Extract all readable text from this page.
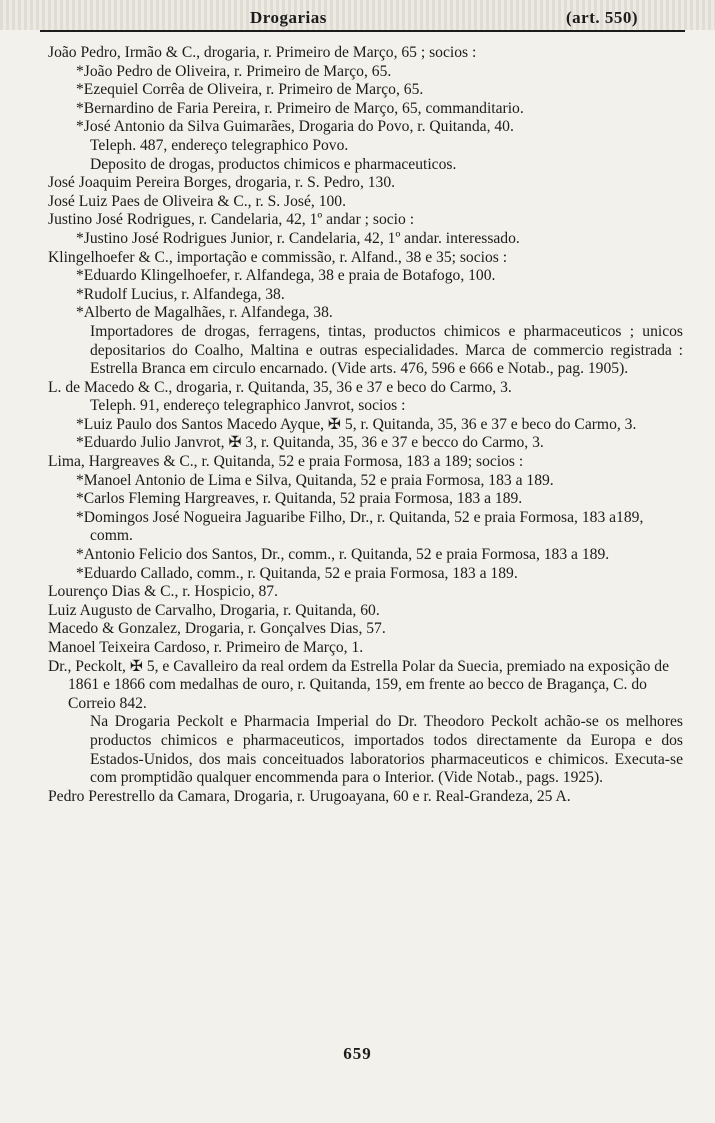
Drogarias	(art. 550)

João Pedro, Irmão & C., drogaria, r. Primeiro de Março, 65 ; socios :

*João Pedro de Oliveira, r. Primeiro de Março, 65.

*Ezequiel Corrêa de Oliveira, r. Primeiro de Março, 65.

*Bernardino de Faria Pereira, r. Primeiro de Março, 65, commanditario.

*José Antonio da Silva Guimarães, Drogaria do Povo, r. Quitanda, 40.

Teleph. 487, endereço telegraphico Povo.

Deposito de drogas, productos chimicos e pharmaceuticos.

José Joaquim Pereira Borges, drogaria, r. S. Pedro, 130.

José Luiz Paes de Oliveira & C., r. S. José, 100.

Justino José Rodrigues, r. Candelaria, 42, 1º andar ; socio :

*Justino José Rodrigues Junior, r. Candelaria, 42, 1º andar. interessado.

Klingelhoefer & C., importação e commissão, r. Alfand., 38 e 35; socios :

*Eduardo Klingelhoefer, r. Alfandega, 38 e praia de Botafogo, 100.

*Rudolf Lucius, r. Alfandega, 38.

*Alberto de Magalhães, r. Alfandega, 38.

Importadores de drogas, ferragens, tintas, productos chimicos e pharmaceuticos ; unicos depositarios do Coalho, Maltina e outras especialidades. Marca de commercio registrada : Estrella Branca em circulo encarnado. (Vide arts. 476, 596 e 666 e Notab., pag. 1905).

L. de Macedo & C., drogaria, r. Quitanda, 35, 36 e 37 e beco do Carmo, 3.

Teleph. 91, endereço telegraphico Janvrot, socios :

*Luiz Paulo dos Santos Macedo Ayque, ✠ 5, r. Quitanda, 35, 36 e 37 e beco do Carmo, 3.

*Eduardo Julio Janvrot, ✠ 3, r. Quitanda, 35, 36 e 37 e becco do Carmo, 3.

Lima, Hargreaves & C., r. Quitanda, 52 e praia Formosa, 183 a 189; socios :

*Manoel Antonio de Lima e Silva, Quitanda, 52 e praia Formosa, 183 a 189.

*Carlos Fleming Hargreaves, r. Quitanda, 52 praia Formosa, 183 a 189.

*Domingos José Nogueira Jaguaribe Filho, Dr., r. Quitanda, 52 e praia Formosa, 183 a189, comm.

*Antonio Felicio dos Santos, Dr., comm., r. Quitanda, 52 e praia Formosa, 183 a 189.

*Eduardo Callado, comm., r. Quitanda, 52 e praia Formosa, 183 a 189.

Lourenço Dias & C., r. Hospicio, 87.

Luiz Augusto de Carvalho, Drogaria, r. Quitanda, 60.

Macedo & Gonzalez, Drogaria, r. Gonçalves Dias, 57.

Manoel Teixeira Cardoso, r. Primeiro de Março, 1.

Dr., Peckolt, ✠ 5, e Cavalleiro da real ordem da Estrella Polar da Suecia, premiado na exposição de 1861 e 1866 com medalhas de ouro, r. Quitanda, 159, em frente ao becco de Bragança, C. do Correio 842.

Na Drogaria Peckolt e Pharmacia Imperial do Dr. Theodoro Peckolt achão-se os melhores productos chimicos e pharmaceuticos, importados todos directamente da Europa e dos Estados-Unidos, dos mais conceituados laboratorios pharmaceuticos e chimicos. Executa-se com promptidão qualquer encommenda para o Interior. (Vide Notab., pags. 1925).

Pedro Perestrello da Camara, Drogaria, r. Urugoayana, 60 e r. Real-Grandeza, 25 A.

659
